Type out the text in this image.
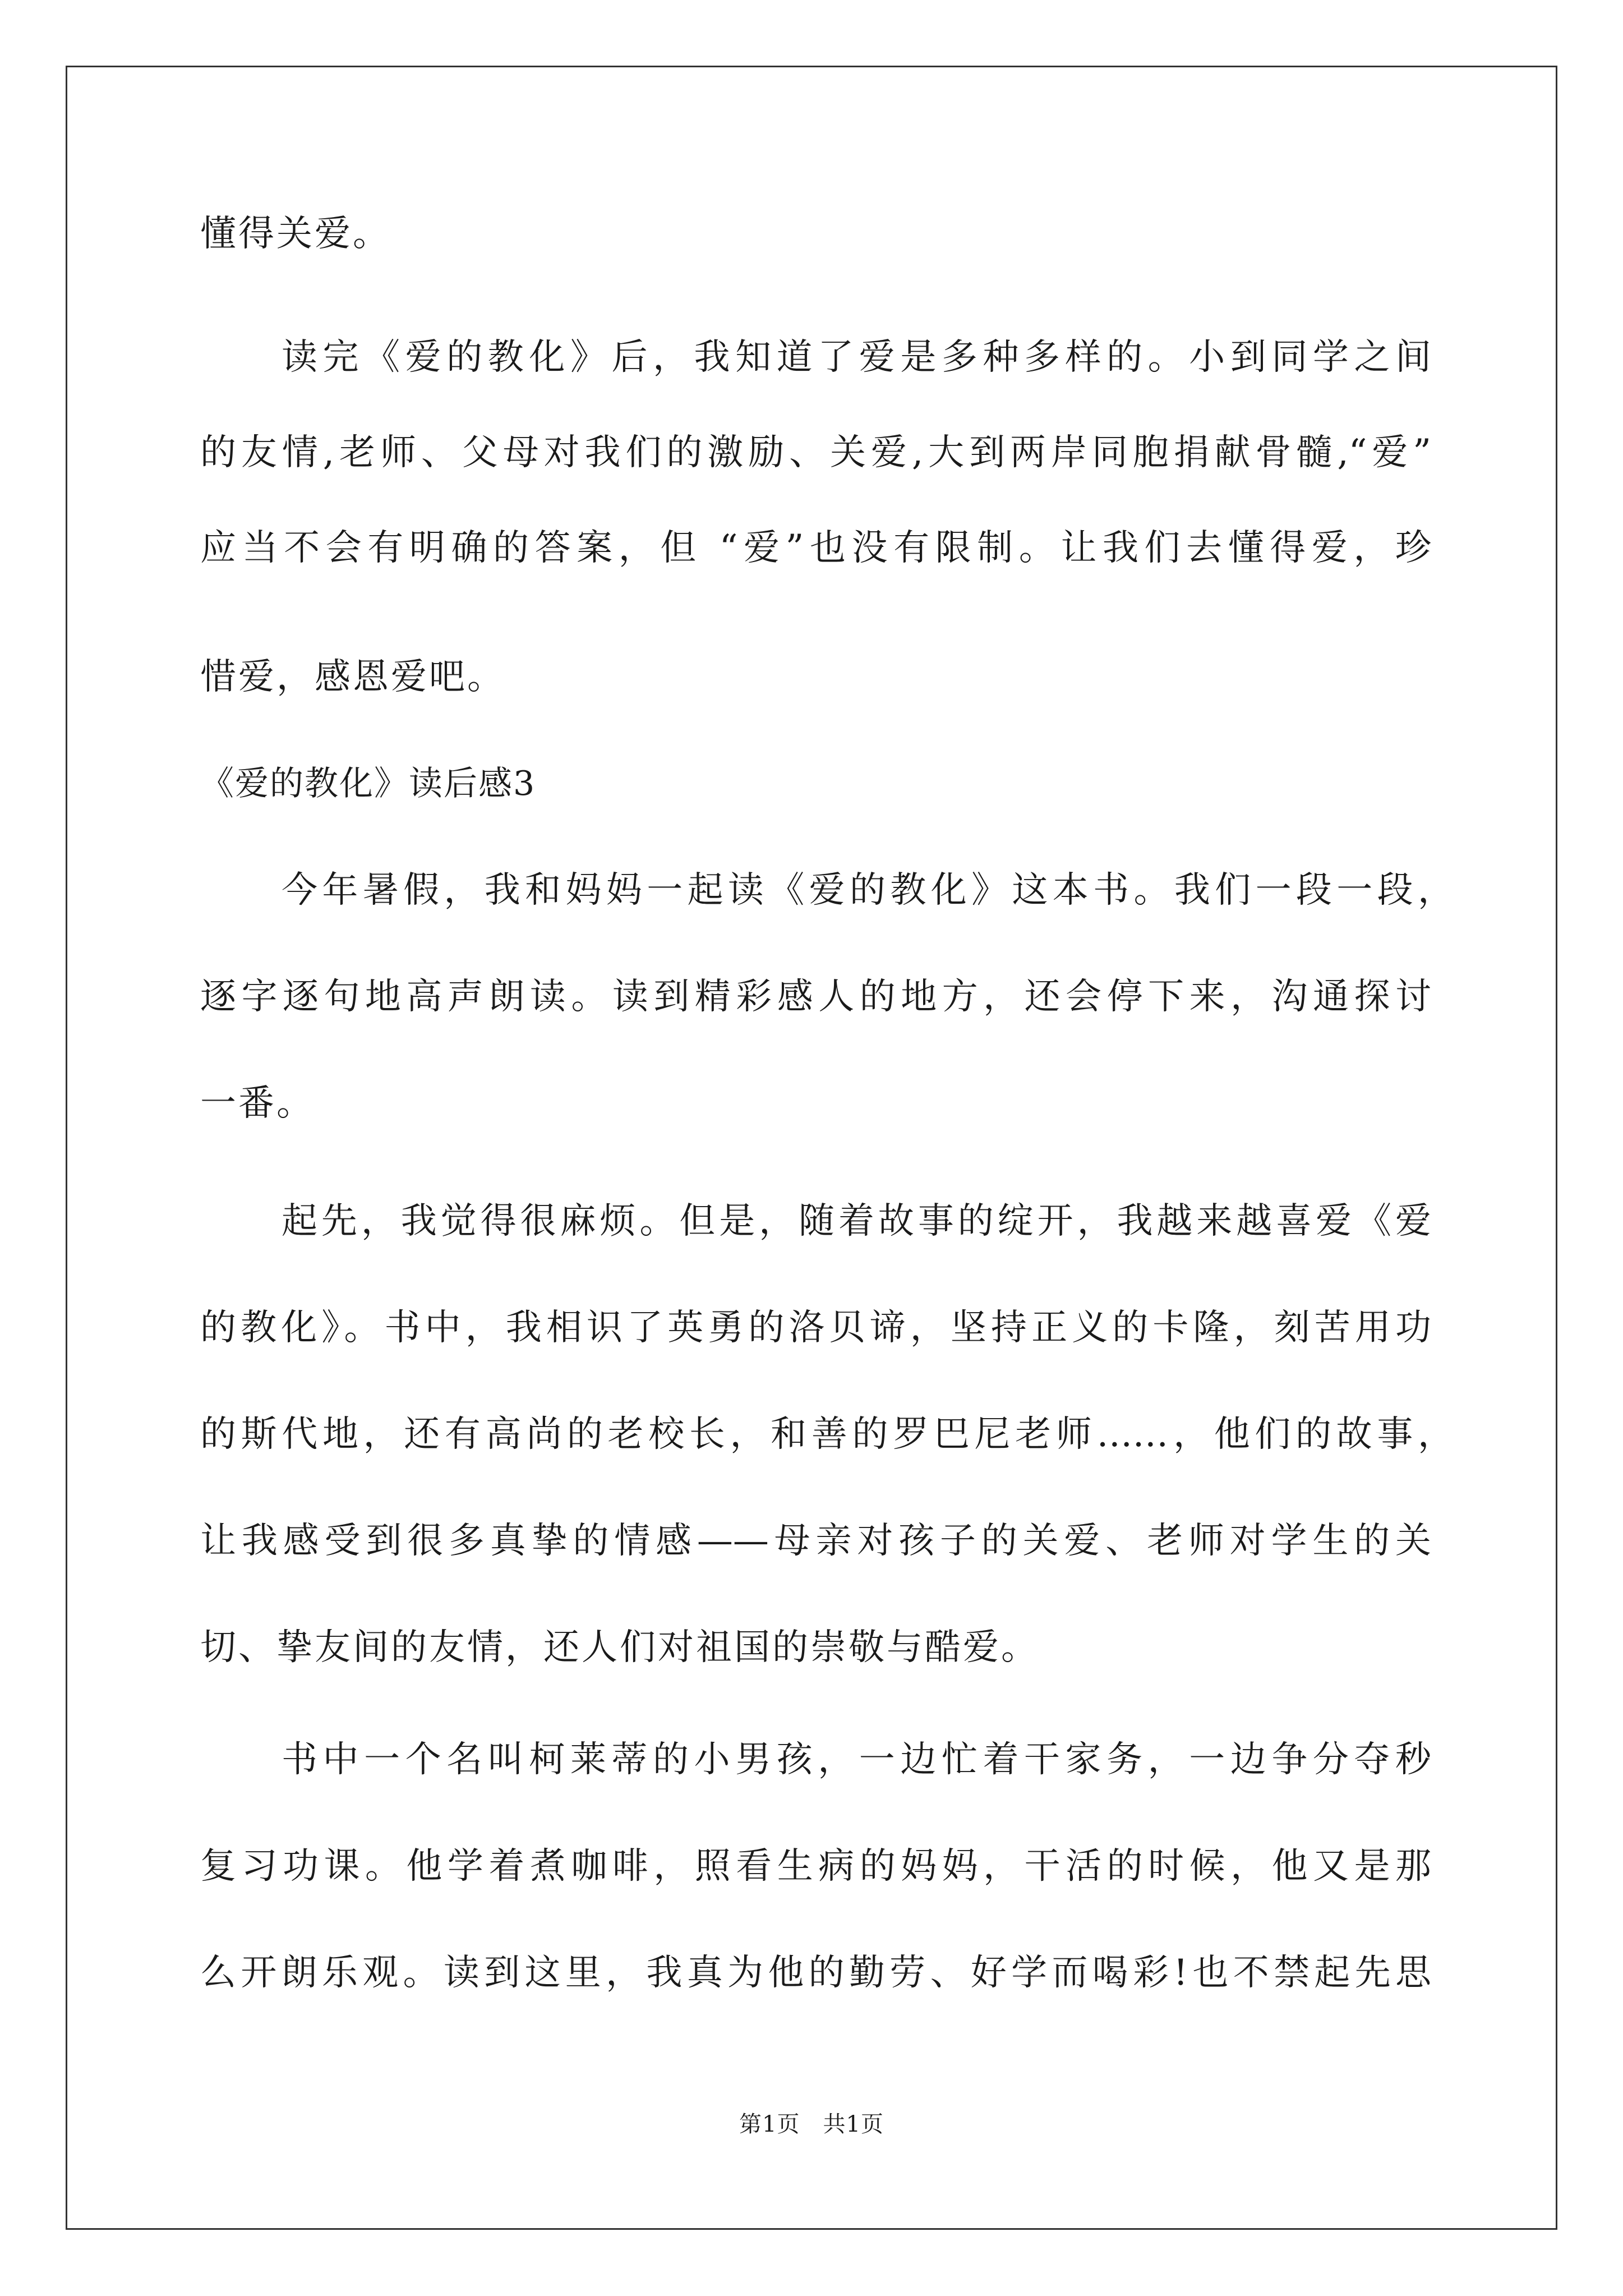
懂得关爱。
读完《爱的教化》后，我知道了爱是多种多样的。小到同学之间
的友情,老师、父母对我们的激励、关爱,大到两岸同胞捐献骨髓,“爱”
应当不会有明确的答案，但 “爱”也没有限制。让我们去懂得爱，珍
惜爱，感恩爱吧。
《爱的教化》读后感3
今年暑假，我和妈妈一起读《爱的教化》这本书。我们一段一段，
逐字逐句地高声朗读。读到精彩感人的地方，还会停下来，沟通探讨
一番。
起先，我觉得很麻烦。但是，随着故事的绽开，我越来越喜爱《爱
的教化》。书中，我相识了英勇的洛贝谛，坚持正义的卡隆，刻苦用功
的斯代地，还有高尚的老校长，和善的罗巴尼老师……，他们的故事，
让我感受到很多真挚的情感——母亲对孩子的关爱、老师对学生的关
切、挚友间的友情，还人们对祖国的崇敬与酷爱。
书中一个名叫柯莱蒂的小男孩，一边忙着干家务，一边争分夺秒
复习功课。他学着煮咖啡，照看生病的妈妈，干活的时候，他又是那
么开朗乐观。读到这里，我真为他的勤劳、好学而喝彩!也不禁起先思
第1页　共1页
